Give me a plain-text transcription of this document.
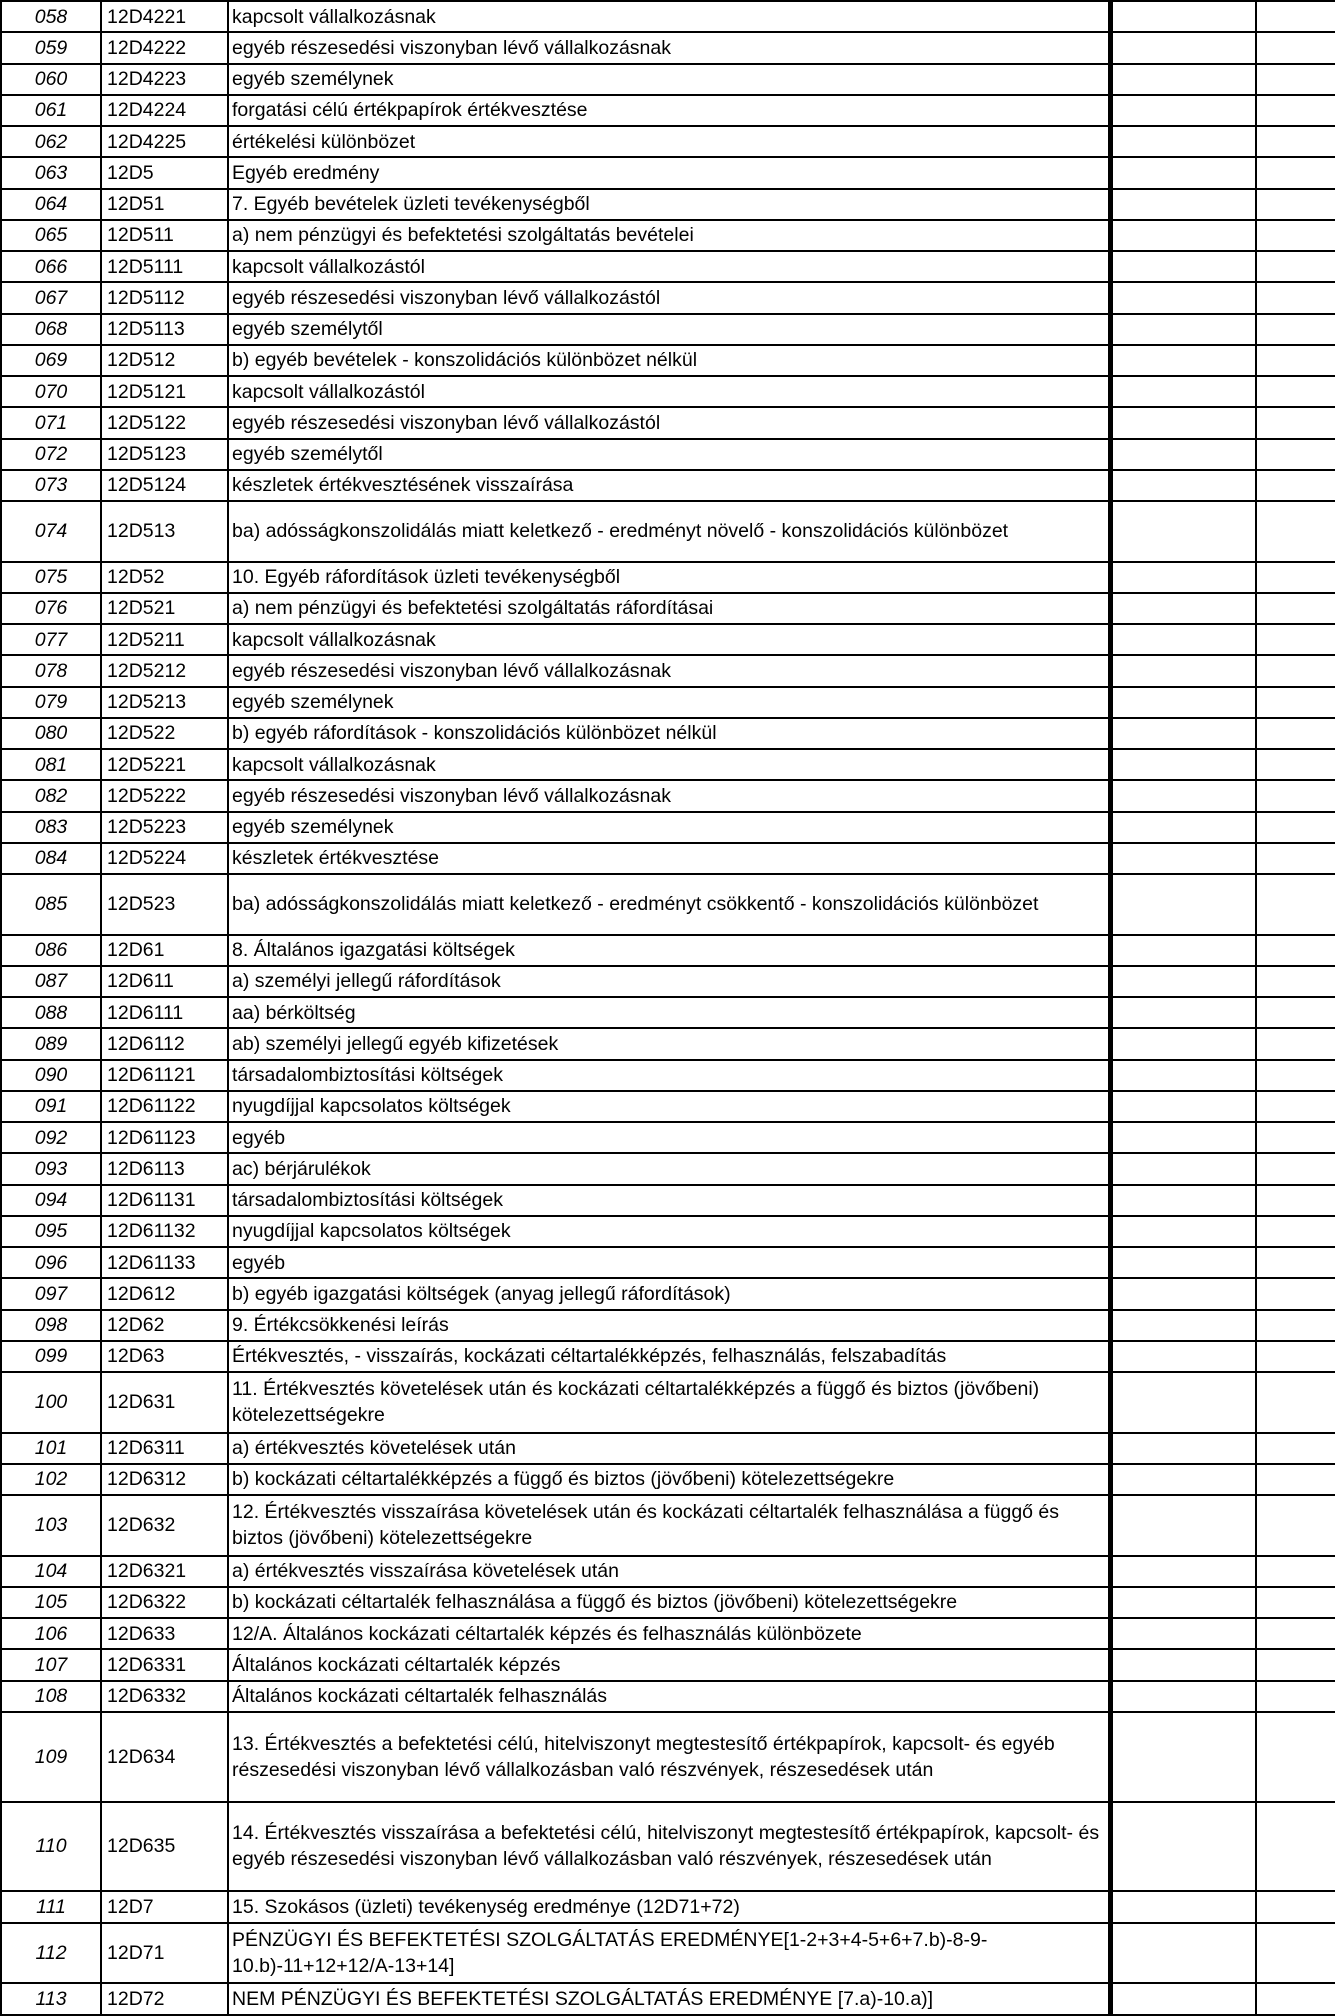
058	12D4221	kapcsolt vállalkozásnak		
059	12D4222	egyéb részesedési viszonyban lévő vállalkozásnak		
060	12D4223	egyéb személynek		
061	12D4224	forgatási célú értékpapírok értékvesztése		
062	12D4225	értékelési különbözet		
063	12D5	Egyéb eredmény		
064	12D51	7. Egyéb bevételek üzleti tevékenységből		
065	12D511	a) nem pénzügyi és befektetési szolgáltatás bevételei		
066	12D5111	kapcsolt vállalkozástól		
067	12D5112	egyéb részesedési viszonyban lévő vállalkozástól		
068	12D5113	egyéb személytől		
069	12D512	b) egyéb bevételek - konszolidációs különbözet nélkül		
070	12D5121	kapcsolt vállalkozástól		
071	12D5122	egyéb részesedési viszonyban lévő vállalkozástól		
072	12D5123	egyéb személytől		
073	12D5124	készletek értékvesztésének visszaírása		
074	12D513	ba) adósságkonszolidálás miatt keletkező - eredményt növelő - konszolidációs különbözet		
075	12D52	10. Egyéb ráfordítások üzleti tevékenységből		
076	12D521	a) nem pénzügyi és befektetési szolgáltatás ráfordításai		
077	12D5211	kapcsolt vállalkozásnak		
078	12D5212	egyéb részesedési viszonyban lévő vállalkozásnak		
079	12D5213	egyéb személynek		
080	12D522	b) egyéb ráfordítások - konszolidációs különbözet nélkül		
081	12D5221	kapcsolt vállalkozásnak		
082	12D5222	egyéb részesedési viszonyban lévő vállalkozásnak		
083	12D5223	egyéb személynek		
084	12D5224	készletek értékvesztése		
085	12D523	ba) adósságkonszolidálás miatt keletkező - eredményt csökkentő - konszolidációs különbözet		
086	12D61	8. Általános igazgatási költségek		
087	12D611	a) személyi jellegű ráfordítások		
088	12D6111	aa) bérköltség		
089	12D6112	ab) személyi jellegű egyéb kifizetések		
090	12D61121	társadalombiztosítási költségek		
091	12D61122	nyugdíjjal kapcsolatos költségek		
092	12D61123	egyéb		
093	12D6113	ac) bérjárulékok		
094	12D61131	társadalombiztosítási költségek		
095	12D61132	nyugdíjjal kapcsolatos költségek		
096	12D61133	egyéb		
097	12D612	b) egyéb igazgatási költségek (anyag jellegű ráfordítások)		
098	12D62	9. Értékcsökkenési leírás		
099	12D63	Értékvesztés, - visszaírás, kockázati céltartalékképzés, felhasználás, felszabadítás		
100	12D631	11. Értékvesztés követelések után és kockázati céltartalékképzés a függő és biztos (jövőbeni) kötelezettségekre		
101	12D6311	a) értékvesztés követelések után		
102	12D6312	b) kockázati céltartalékképzés a függő és biztos (jövőbeni) kötelezettségekre		
103	12D632	12. Értékvesztés visszaírása követelések után és kockázati céltartalék felhasználása a függő és biztos (jövőbeni) kötelezettségekre		
104	12D6321	a) értékvesztés visszaírása követelések után		
105	12D6322	b) kockázati céltartalék felhasználása a függő és biztos (jövőbeni) kötelezettségekre		
106	12D633	12/A. Általános kockázati céltartalék képzés és felhasználás különbözete		
107	12D6331	Általános kockázati céltartalék képzés		
108	12D6332	Általános kockázati céltartalék felhasználás		
109	12D634	13. Értékvesztés a befektetési célú, hitelviszonyt megtestesítő értékpapírok, kapcsolt- és egyéb részesedési viszonyban lévő vállalkozásban való részvények, részesedések után		
110	12D635	14. Értékvesztés visszaírása a befektetési célú, hitelviszonyt megtestesítő értékpapírok, kapcsolt- és egyéb részesedési viszonyban lévő vállalkozásban való részvények, részesedések után		
111	12D7	15. Szokásos (üzleti) tevékenység eredménye (12D71+72)		
112	12D71	PÉNZÜGYI ÉS BEFEKTETÉSI SZOLGÁLTATÁS EREDMÉNYE[1-2+3+4-5+6+7.b)-8-9-10.b)-11+12+12/A-13+14]		
113	12D72	NEM PÉNZÜGYI ÉS BEFEKTETÉSI SZOLGÁLTATÁS EREDMÉNYE [7.a)-10.a)]		
